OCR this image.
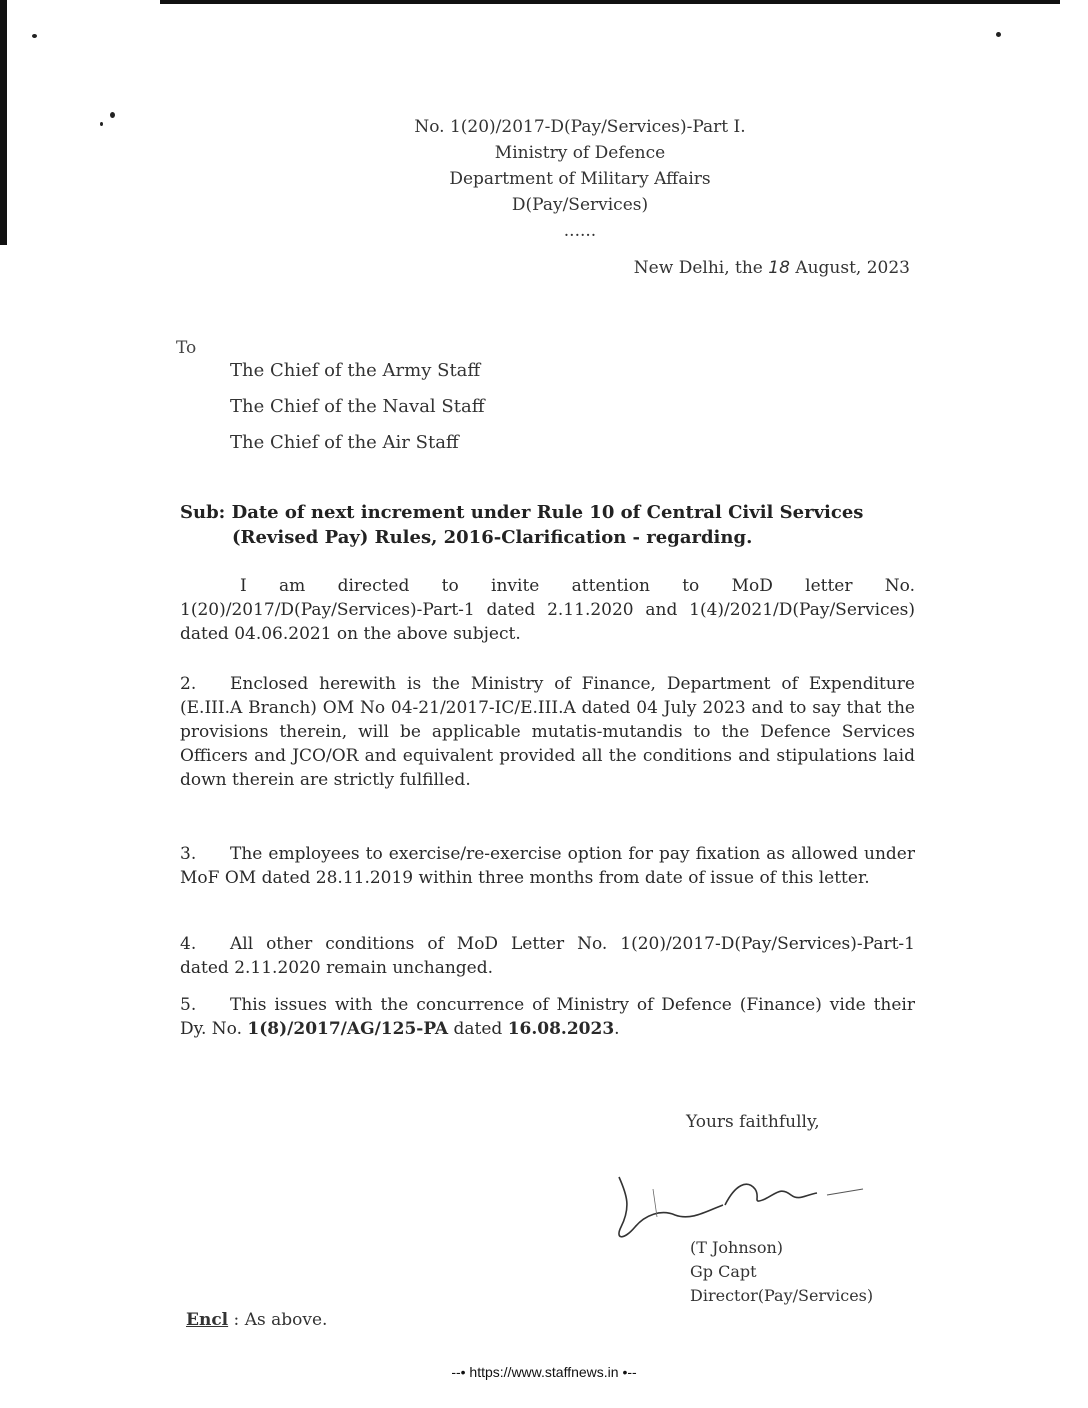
No. 1(20)/2017-D(Pay/Services)-Part I.
Ministry of Defence
Department of Military Affairs
D(Pay/Services)
......
New Delhi, the 18 August, 2023
To
The Chief of the Army Staff
The Chief of the Naval Staff
The Chief of the Air Staff
Sub: Date of next increment under Rule 10 of Central Civil Services
(Revised Pay) Rules, 2016-Clarification - regarding.
I am directed to invite attention to MoD letter No. 1(20)/2017/D(Pay/Services)-Part-1 dated 2.11.2020 and 1(4)/2021/D(Pay/Services) dated 04.06.2021 on the above subject.
2. Enclosed herewith is the Ministry of Finance, Department of Expenditure (E.III.A Branch) OM No 04-21/2017-IC/E.III.A dated 04 July 2023 and to say that the provisions therein, will be applicable mutatis-mutandis to the Defence Services Officers and JCO/OR and equivalent provided all the conditions and stipulations laid down therein are strictly fulfilled.
3. The employees to exercise/re-exercise option for pay fixation as allowed under MoF OM dated 28.11.2019 within three months from date of issue of this letter.
4. All other conditions of MoD Letter No. 1(20)/2017-D(Pay/Services)-Part-1 dated 2.11.2020 remain unchanged.
5. This issues with the concurrence of Ministry of Defence (Finance) vide their Dy. No. 1(8)/2017/AG/125-PA dated 16.08.2023.
Yours faithfully,
(T Johnson)
Gp Capt
Director(Pay/Services)
Encl : As above.
--• https://www.staffnews.in •--
